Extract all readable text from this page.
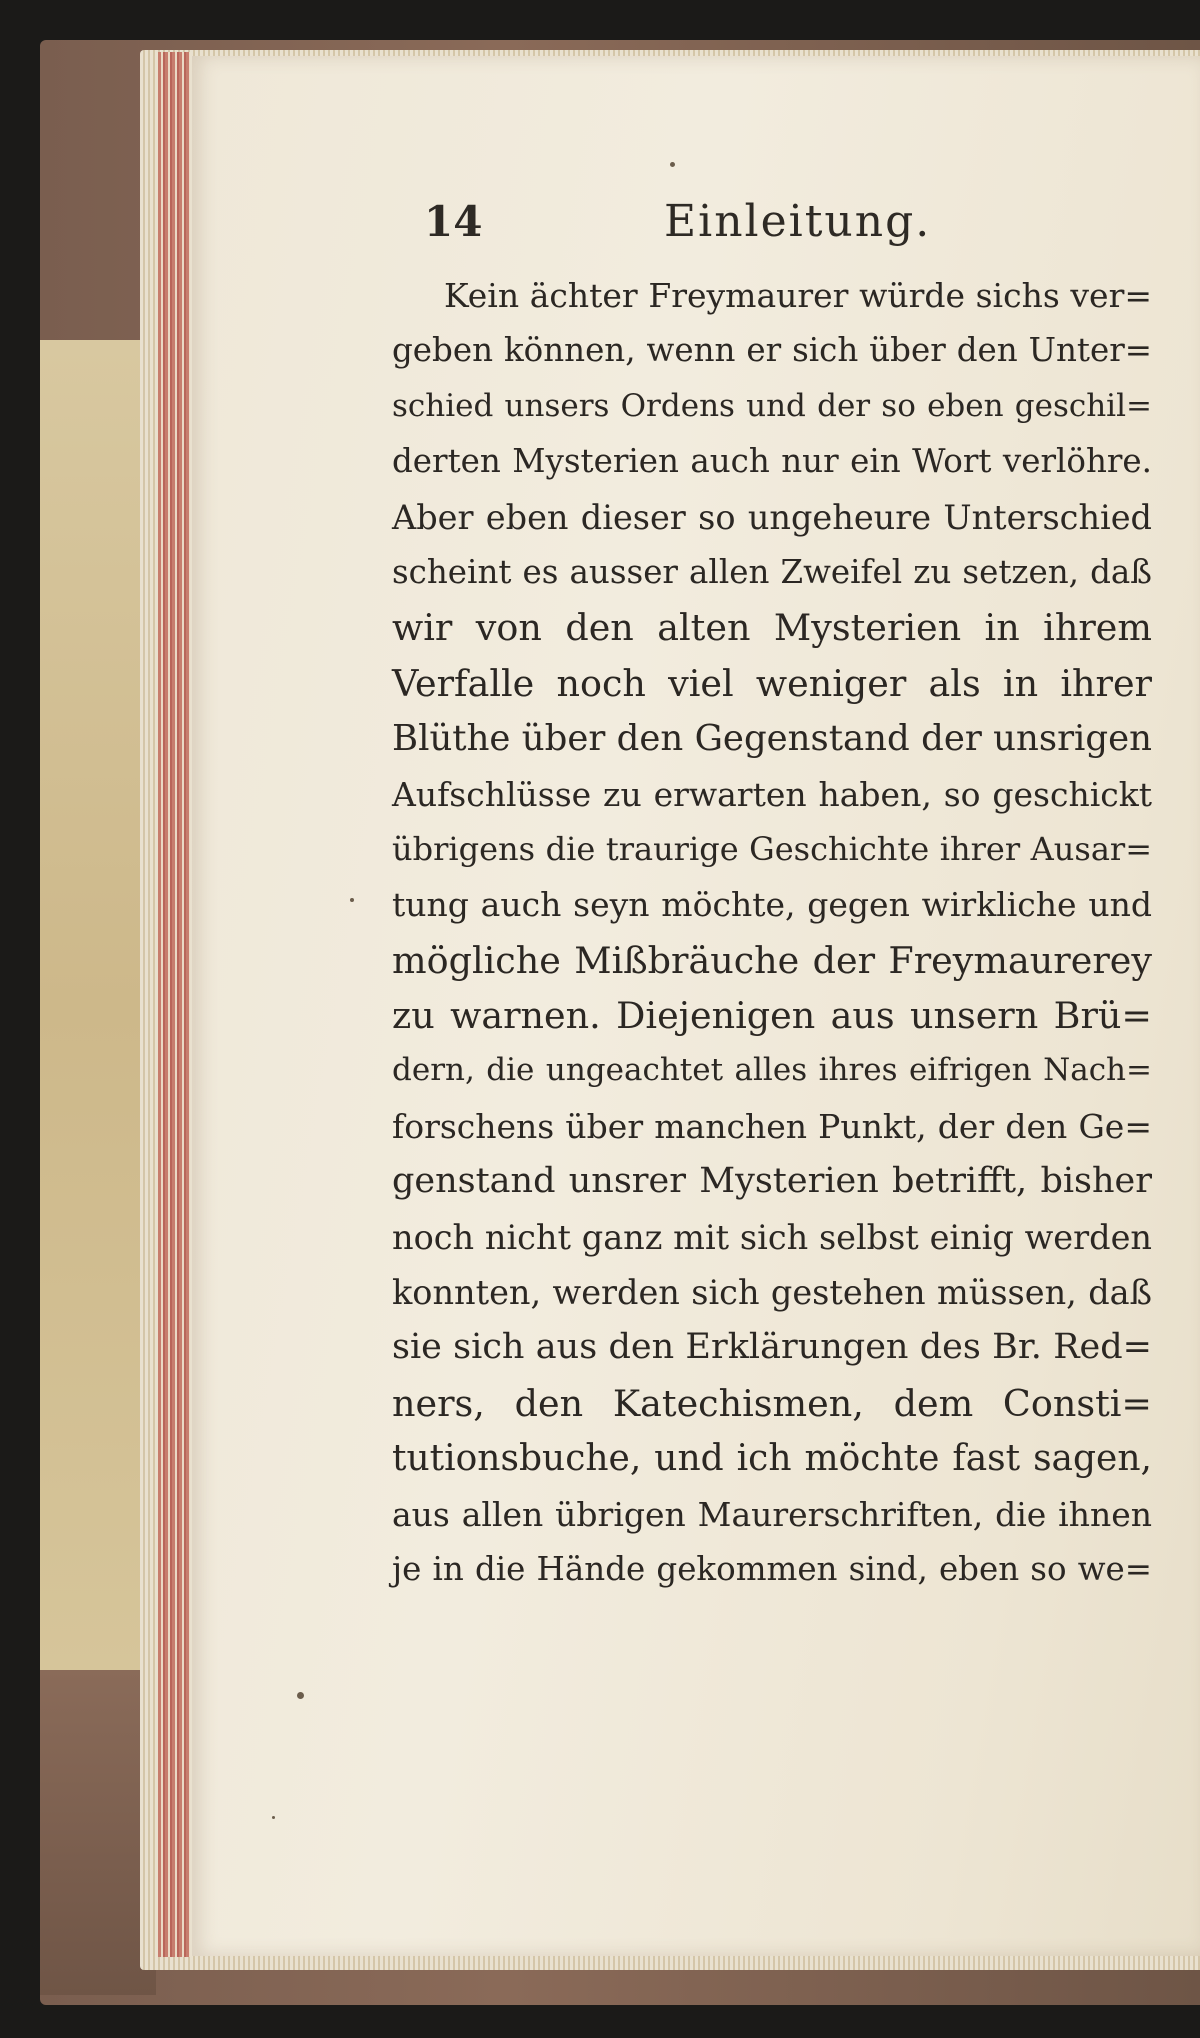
14	Einleitung.
Kein ächter Freymaurer würde sichs ver=
geben können, wenn er sich über den Unter=
schied unsers Ordens und der so eben geschil=
derten Mysterien auch nur ein Wort verlöhre.
Aber eben dieser so ungeheure Unterschied
scheint es ausser allen Zweifel zu setzen, daß
wir von den alten Mysterien in ihrem
Verfalle noch viel weniger als in ihrer
Blüthe über den Gegenstand der unsrigen
Aufschlüsse zu erwarten haben, so geschickt
übrigens die traurige Geschichte ihrer Ausar=
tung auch seyn möchte, gegen wirkliche und
mögliche Mißbräuche der Freymaurerey
zu warnen. Diejenigen aus unsern Brü=
dern, die ungeachtet alles ihres eifrigen Nach=
forschens über manchen Punkt, der den Ge=
genstand unsrer Mysterien betrifft, bisher
noch nicht ganz mit sich selbst einig werden
konnten, werden sich gestehen müssen, daß
sie sich aus den Erklärungen des Br. Red=
ners, den Katechismen, dem Consti=
tutionsbuche, und ich möchte fast sagen,
aus allen übrigen Maurerschriften, die ihnen
je in die Hände gekommen sind, eben so we=
